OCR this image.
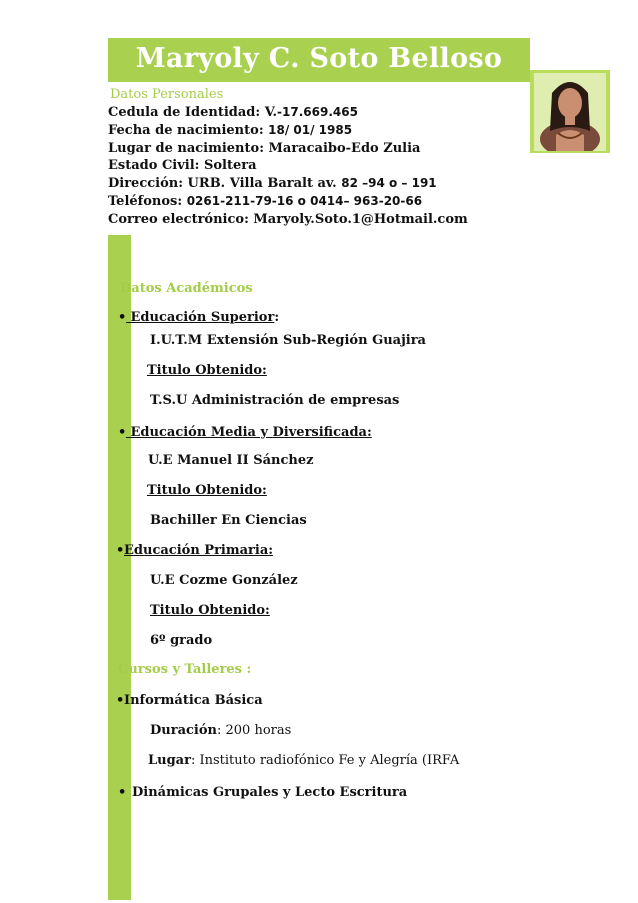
Maryoly C. Soto Belloso
Datos Personales
Cedula de Identidad: V.-17.669.465
Fecha de nacimiento: 18/ 01/ 1985
Lugar de nacimiento: Maracaibo-Edo Zulia
Estado Civil: Soltera
Dirección: URB. Villa Baralt av. 82 –94 o – 191
Teléfonos: 0261-211-79-16 o 0414– 963-20-66
Correo electrónico: Maryoly.Soto.1@Hotmail.com
Datos Académicos
• Educación Superior:
I.U.T.M Extensión Sub-Región Guajira
Titulo Obtenido:
T.S.U Administración de empresas
• Educación Media y Diversificada:
U.E Manuel II Sánchez
Titulo Obtenido:
Bachiller En Ciencias
•Educación Primaria:
U.E Cozme González
Titulo Obtenido:
6º grado
Cursos y Talleres :
•Informática Básica
Duración: 200 horas
Lugar: Instituto radiofónico Fe y Alegría (IRFA
• Dinámicas Grupales y Lecto Escritura
